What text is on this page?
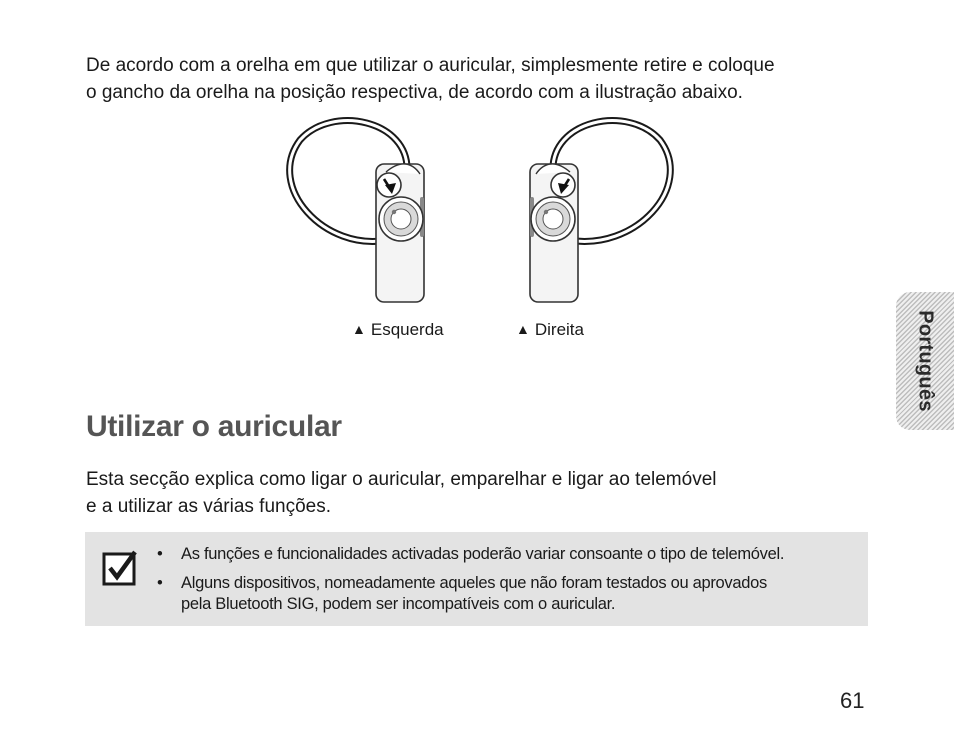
De acordo com a orelha em que utilizar o auricular, simplesmente retire e coloque
o gancho da orelha na posição respectiva, de acordo com a ilustração abaixo.

▲ Esquerda	▲ Direita
Utilizar o auricular

Esta secção explica como ligar o auricular, emparelhar e ligar ao telemóvel
e a utilizar as várias funções.

• As funções e funcionalidades activadas poderão variar consoante o tipo de telemóvel.
• Alguns dispositivos, nomeadamente aqueles que não foram testados ou aprovados
pela Bluetooth SIG, podem ser incompatíveis com o auricular.
Português
61
